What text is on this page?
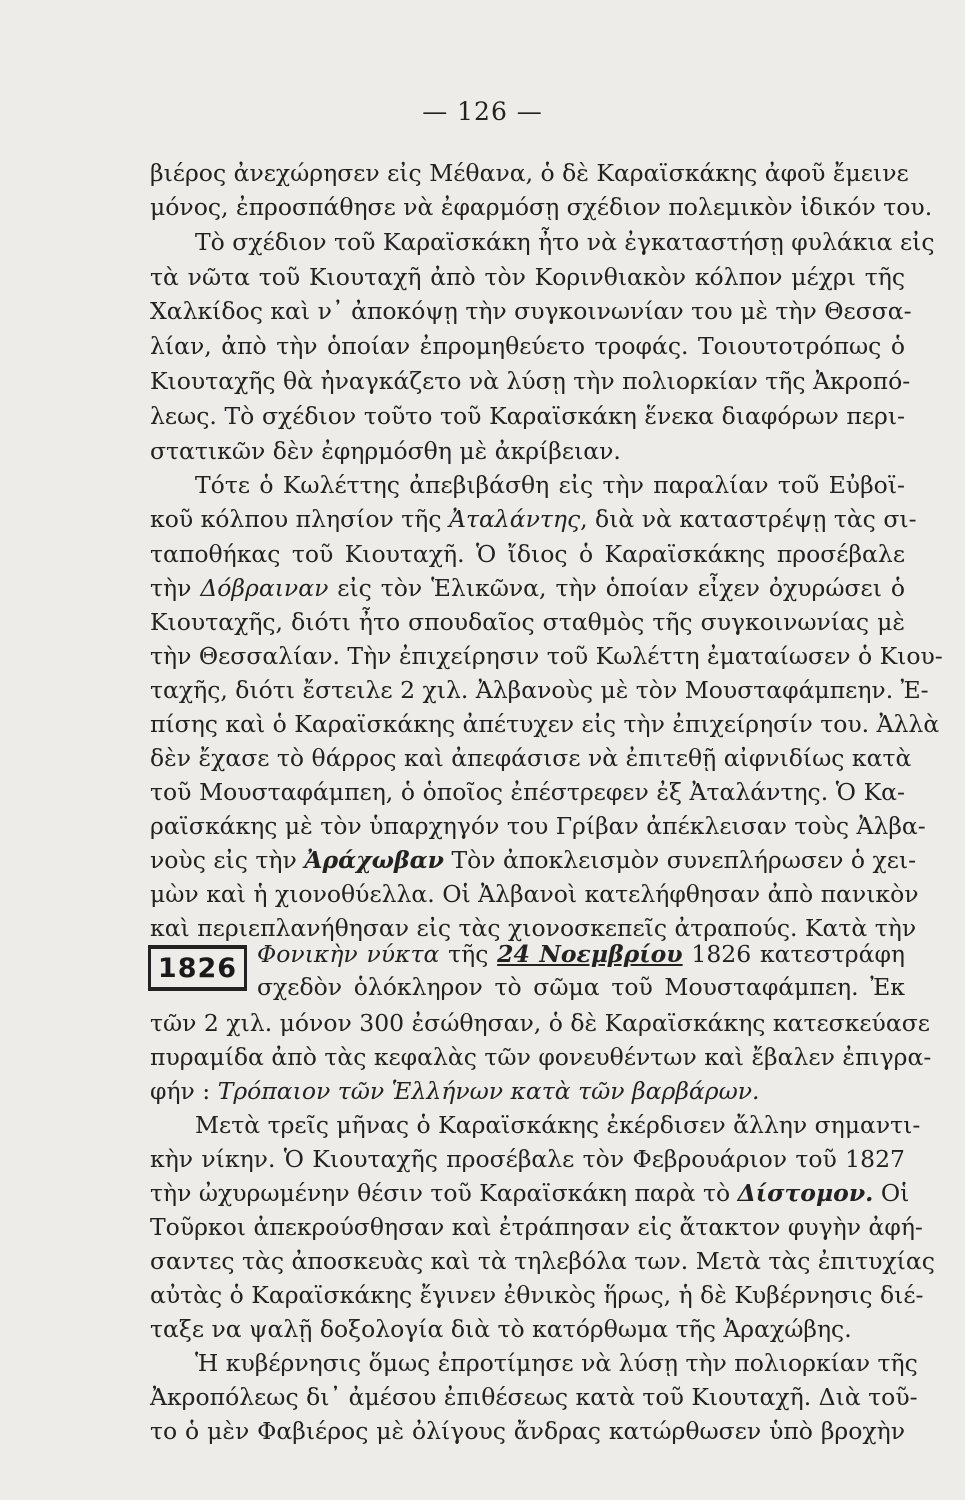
— 126 —
βιέρος ἀνεχώρησεν εἰς Μέθανα, ὁ δὲ Καραϊσκάκης ἀφοῦ ἔμεινε
μόνος, ἐπροσπάθησε νὰ ἐφαρμόσῃ σχέδιον πολεμικὸν ἰδικόν του.
Τὸ σχέδιον τοῦ Καραϊσκάκη ἦτο νὰ ἐγκαταστήσῃ φυλάκια εἰς
τὰ νῶτα τοῦ Κιουταχῆ ἀπὸ τὸν Κορινθιακὸν κόλπον μέχρι τῆς
Χαλκίδος καὶ ν᾽ ἀποκόψῃ τὴν συγκοινωνίαν του μὲ τὴν Θεσσα-
λίαν, ἀπὸ τὴν ὁποίαν ἐπρομηθεύετο τροφάς. Τοιουτοτρόπως ὁ
Κιουταχῆς θὰ ἠναγκάζετο νὰ λύσῃ τὴν πολιορκίαν τῆς Ἀκροπό-
λεως. Τὸ σχέδιον τοῦτο τοῦ Καραϊσκάκη ἕνεκα διαφόρων περι-
στατικῶν δὲν ἐφηρμόσθη μὲ ἀκρίβειαν.
Τότε ὁ Κωλέττης ἀπεβιβάσθη εἰς τὴν παραλίαν τοῦ Εὐβοϊ-
κοῦ κόλπου πλησίον τῆς Ἀταλάντης, διὰ νὰ καταστρέψῃ τὰς σι-
ταποθήκας τοῦ Κιουταχῆ. Ὁ ἴδιος ὁ Καραϊσκάκης προσέβαλε
τὴν Δόβραιναν εἰς τὸν Ἑλικῶνα, τὴν ὁποίαν εἶχεν ὀχυρώσει ὁ
Κιουταχῆς, διότι ἦτο σπουδαῖος σταθμὸς τῆς συγκοινωνίας μὲ
τὴν Θεσσαλίαν. Τὴν ἐπιχείρησιν τοῦ Κωλέττη ἐματαίωσεν ὁ Κιου-
ταχῆς, διότι ἔστειλε 2 χιλ. Ἀλβανοὺς μὲ τὸν Μουσταφάμπεην. Ἐ-
πίσης καὶ ὁ Καραϊσκάκης ἀπέτυχεν εἰς τὴν ἐπιχείρησίν του. Ἀλλὰ
δὲν ἔχασε τὸ θάρρος καὶ ἀπεφάσισε νὰ ἐπιτεθῇ αἰφνιδίως κατὰ
τοῦ Μουσταφάμπεη, ὁ ὁποῖος ἐπέστρεφεν ἐξ Ἀταλάντης. Ὁ Κα-
ραϊσκάκης μὲ τὸν ὑπαρχηγόν του Γρίβαν ἀπέκλεισαν τοὺς Ἀλβα-
νοὺς εἰς τὴν Ἀράχωβαν Τὸν ἀποκλεισμὸν συνεπλήρωσεν ὁ χει-
μὼν καὶ ἡ χιονοθύελλα. Οἱ Ἀλβανοὶ κατελήφθησαν ἀπὸ πανικὸν
καὶ περιεπλανήθησαν εἰς τὰς χιονοσκεπεῖς ἀτραπούς. Κατὰ τὴν
1826 Φονικὴν νύκτα τῆς 24 Νοεμβρίου 1826 κατεστράφη
σχεδὸν ὁλόκληρον τὸ σῶμα τοῦ Μουσταφάμπεη. Ἐκ
τῶν 2 χιλ. μόνον 300 ἐσώθησαν, ὁ δὲ Καραϊσκάκης κατεσκεύασε
πυραμίδα ἀπὸ τὰς κεφαλὰς τῶν φονευθέντων καὶ ἔβαλεν ἐπιγρα-
φήν : Τρόπαιον τῶν Ἑλλήνων κατὰ τῶν βαρβάρων.
Μετὰ τρεῖς μῆνας ὁ Καραϊσκάκης ἐκέρδισεν ἄλλην σημαντι-
κὴν νίκην. Ὁ Κιουταχῆς προσέβαλε τὸν Φεβρουάριον τοῦ 1827
τὴν ὠχυρωμένην θέσιν τοῦ Καραϊσκάκη παρὰ τὸ Δίστομον. Οἱ
Τοῦρκοι ἀπεκρούσθησαν καὶ ἐτράπησαν εἰς ἄτακτον φυγὴν ἀφή-
σαντες τὰς ἀποσκευὰς καὶ τὰ τηλεβόλα των. Μετὰ τὰς ἐπιτυχίας
αὐτὰς ὁ Καραϊσκάκης ἔγινεν ἐθνικὸς ἥρως, ἡ δὲ Κυβέρνησις διέ-
ταξε να ψαλῇ δοξολογία διὰ τὸ κατόρθωμα τῆς Ἀραχώβης.
Ἡ κυβέρνησις ὅμως ἐπροτίμησε νὰ λύσῃ τὴν πολιορκίαν τῆς
Ἀκροπόλεως δι᾽ ἀμέσου ἐπιθέσεως κατὰ τοῦ Κιουταχῆ. Διὰ τοῦ-
το ὁ μὲν Φαβιέρος μὲ ὀλίγους ἄνδρας κατώρθωσεν ὑπὸ βροχὴν
